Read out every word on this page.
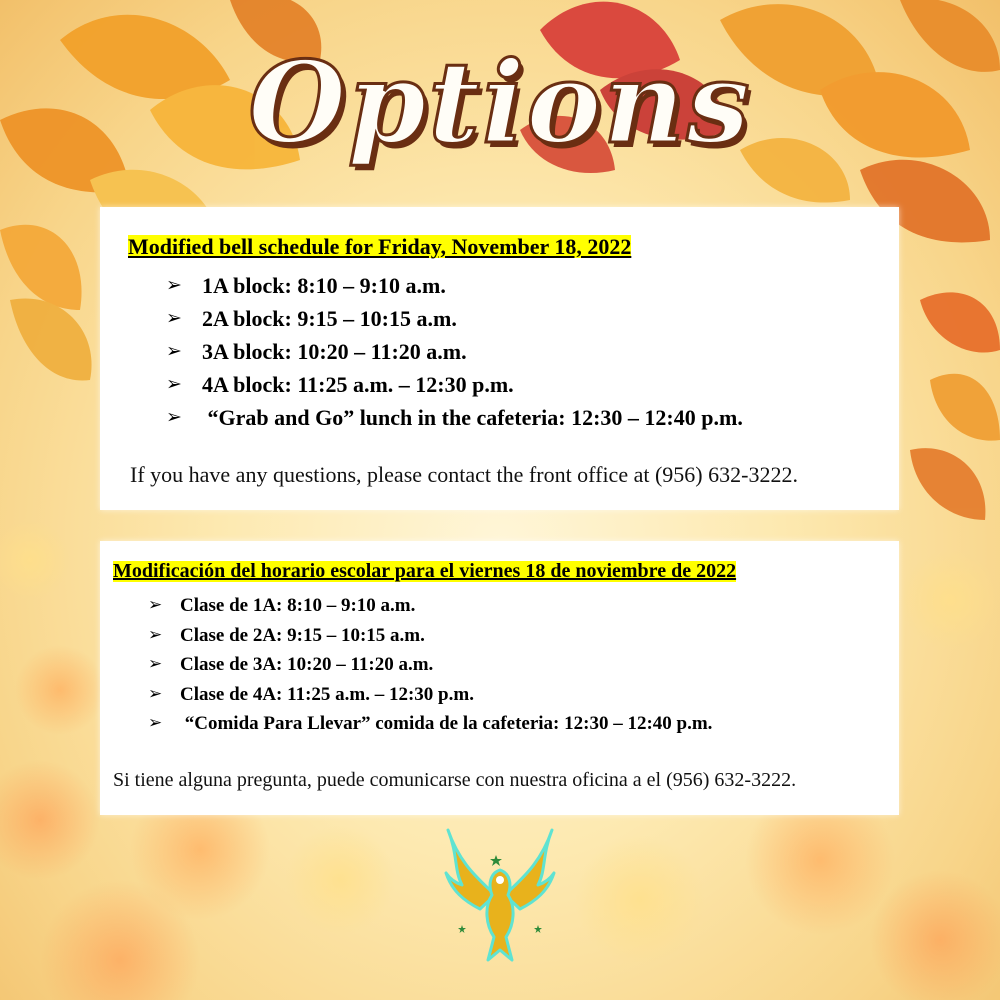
Options
Modified bell schedule for Friday, November 18, 2022
➢ 1A block: 8:10 – 9:10 a.m.
➢ 2A block: 9:15 – 10:15 a.m.
➢ 3A block: 10:20 – 11:20 a.m.
➢ 4A block: 11:25 a.m. – 12:30 p.m.
➢ “Grab and Go” lunch in the cafeteria: 12:30 – 12:40 p.m.
If you have any questions, please contact the front office at (956) 632-3222.
Modificación del horario escolar para el viernes 18 de noviembre de 2022
➢ Clase de 1A: 8:10 – 9:10 a.m.
➢ Clase de 2A: 9:15 – 10:15 a.m.
➢ Clase de 3A: 10:20 – 11:20 a.m.
➢ Clase de 4A: 11:25 a.m. – 12:30 p.m.
➢ “Comida Para Llevar” comida de la cafeteria: 12:30 – 12:40 p.m.
Si tiene alguna pregunta, puede comunicarse con nuestra oficina a el (956) 632-3222.
